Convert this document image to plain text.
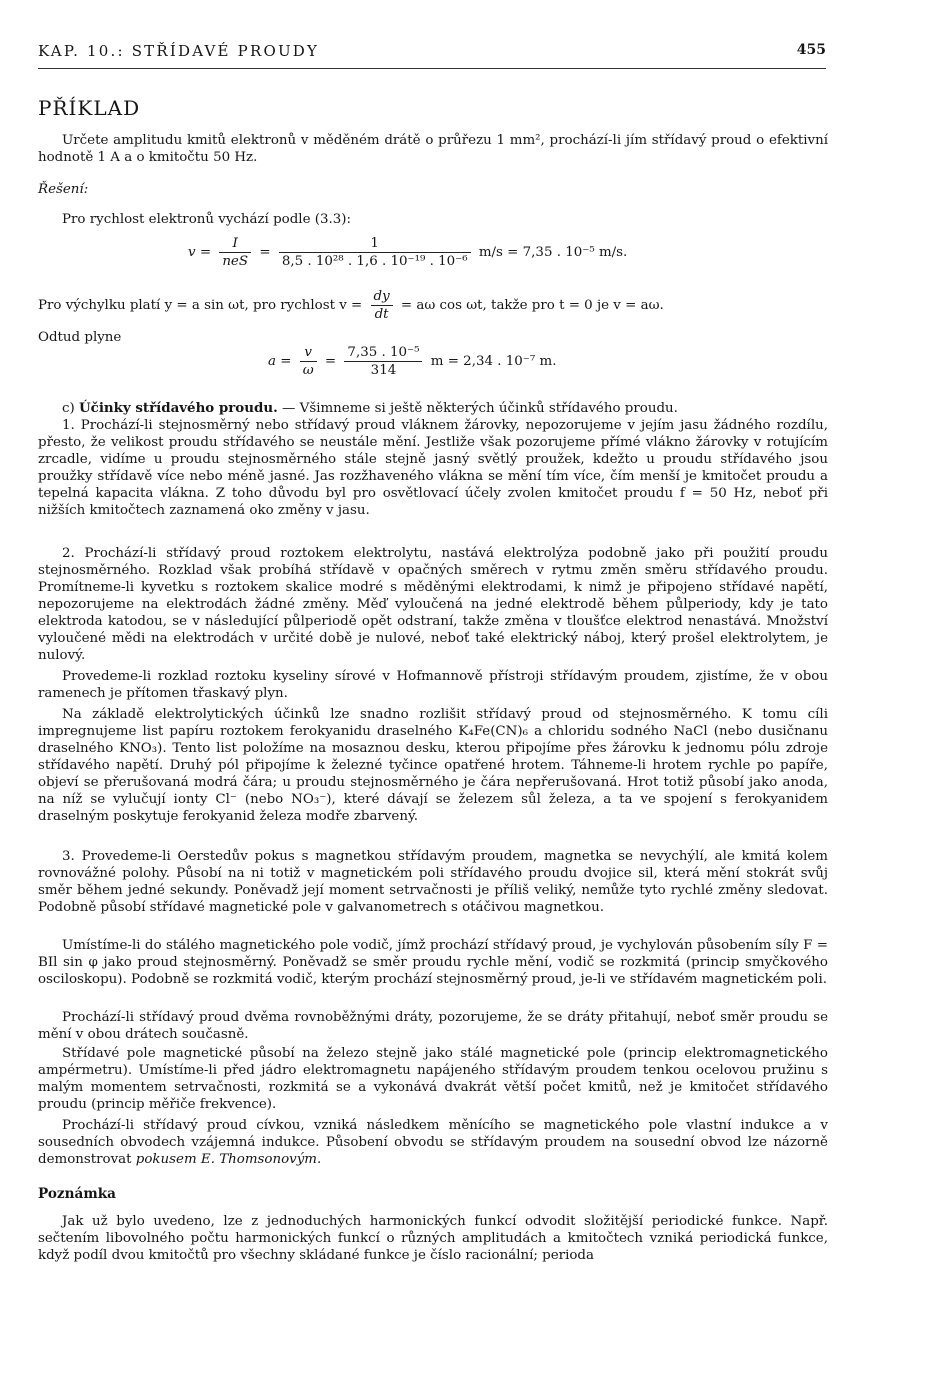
KAP. 10.: STŘÍDAVÉ PROUDY	455
PŘÍKLAD

Určete amplitudu kmitů elektronů v měděném drátě o průřezu 1 mm², prochází-li jím střídavý proud o efektivní hodnotě 1 A a o kmitočtu 50 Hz.

Řešení:

Pro rychlost elektronů vychází podle (3.3):

$v = \frac{I}{\text{neS}} = \frac{1}{\text{8,5 . 10²⁸ . 1,6 . 10⁻¹⁹ . 10⁻⁶}} m/s = 7,35$ . 10⁻⁵ m/s.
Pro výchylku platí y = a sin ωt, pro rychlost $v = \frac{dy}{dt} = a\omega$ cos ωt, takže pro t = 0 je v = aω.

Odtud plyne

$a = \frac{v}{\omega} = \frac{\text{7,35 . 10⁻⁵}}{314}$ m = 2,34 . 10⁻⁷ m.

c) Účinky střídavého proudu. — Všimneme si ještě některých účinků střídavého proudu.

1. Prochází-li stejnosměrný nebo střídavý proud vláknem žárovky, nepozorujeme v jejím jasu žádného rozdílu, přesto, že velikost proudu střídavého se neustále mění. Jestliže však pozorujeme přímé vlákno žárovky v rotujícím zrcadle, vidíme u proudu stejnosměrného stále stejně jasný světlý proužek, kdežto u proudu střídavého jsou proužky střídavě více nebo méně jasné. Jas rozžhaveného vlákna se mění tím více, čím menší je kmitočet proudu a tepelná kapacita vlákna. Z toho důvodu byl pro osvětlovací účely zvolen kmitočet proudu f = 50 Hz, neboť při nižších kmitočtech zaznamená oko změny v jasu.

2. Prochází-li střídavý proud roztokem elektrolytu, nastává elektrolýza podobně jako při použití proudu stejnosměrného. Rozklad však probíhá střídavě v opačných směrech v rytmu změn směru střídavého proudu. Promítneme-li kyvetku s roztokem skalice modré s měděnými elektrodami, k nimž je připojeno střídavé napětí, nepozorujeme na elektrodách žádné změny. Měď vyloučená na jedné elektrodě během půlperiody, kdy je tato elektroda katodou, se v následující půlperiodě opět odstraní, takže změna v tloušťce elektrod nenastává. Množství vyloučené mědi na elektrodách v určité době je nulové, neboť také elektrický náboj, který prošel elektrolytem, je nulový.

Provedeme-li rozklad roztoku kyseliny sírové v Hofmannově přístroji střídavým proudem, zjistíme, že v obou ramenech je přítomen třaskavý plyn.

Na základě elektrolytických účinků lze snadno rozlišit střídavý proud od stejnosměrného. K tomu cíli impregnujeme list papíru roztokem ferokyanidu draselného K₄Fe(CN)₆ a chloridu sodného NaCl (nebo dusičnanu draselného KNO₃). Tento list položíme na mosaznou desku, kterou připojíme přes žárovku k jednomu pólu zdroje střídavého napětí. Druhý pól připojíme k železné tyčince opatřené hrotem. Táhneme-li hrotem rychle po papíře, objeví se přerušovaná modrá čára; u proudu stejnosměrného je čára nepřerušovaná. Hrot totiž působí jako anoda, na níž se vylučují ionty Cl⁻ (nebo NO₃⁻), které dávají se železem sůl železa, a ta ve spojení s ferokyanidem draselným poskytuje ferokyanid železa modře zbarvený.

3. Provedeme-li Oerstedův pokus s magnetkou střídavým proudem, magnetka se nevychýlí, ale kmitá kolem rovnovážné polohy. Působí na ni totiž v magnetickém poli střídavého proudu dvojice sil, která mění stokrát svůj směr během jedné sekundy. Poněvadž její moment setrvačnosti je příliš veliký, nemůže tyto rychlé změny sledovat. Podobně působí střídavé magnetické pole v galvanometrech s otáčivou magnetkou.

Umístíme-li do stálého magnetického pole vodič, jímž prochází střídavý proud, je vychylován působením síly F = BIl sin φ jako proud stejnosměrný. Poněvadž se směr proudu rychle mění, vodič se rozkmitá (princip smyčkového osciloskopu). Podobně se rozkmitá vodič, kterým prochází stejnosměrný proud, je-li ve střídavém magnetickém poli.

Prochází-li střídavý proud dvěma rovnoběžnými dráty, pozorujeme, že se dráty přitahují, neboť směr proudu se mění v obou drátech současně.

Střídavé pole magnetické působí na železo stejně jako stálé magnetické pole (princip elektromagnetického ampérmetru). Umístíme-li před jádro elektromagnetu napájeného střídavým proudem tenkou ocelovou pružinu s malým momentem setrvačnosti, rozkmitá se a vykonává dvakrát větší počet kmitů, než je kmitočet střídavého proudu (princip měřiče frekvence).

Prochází-li střídavý proud cívkou, vzniká následkem měnícího se magnetického pole vlastní indukce a v sousedních obvodech vzájemná indukce. Působení obvodu se střídavým proudem na sousední obvod lze názorně demonstrovat pokusem E. Thomsonovým.

Poznámka

Jak už bylo uvedeno, lze z jednoduchých harmonických funkcí odvodit složitější periodické funkce. Např. sečtením libovolného počtu harmonických funkcí o různých amplitudách a kmitočtech vzniká periodická funkce, když podíl dvou kmitočtů pro všechny skládané funkce je číslo racionální; perioda
